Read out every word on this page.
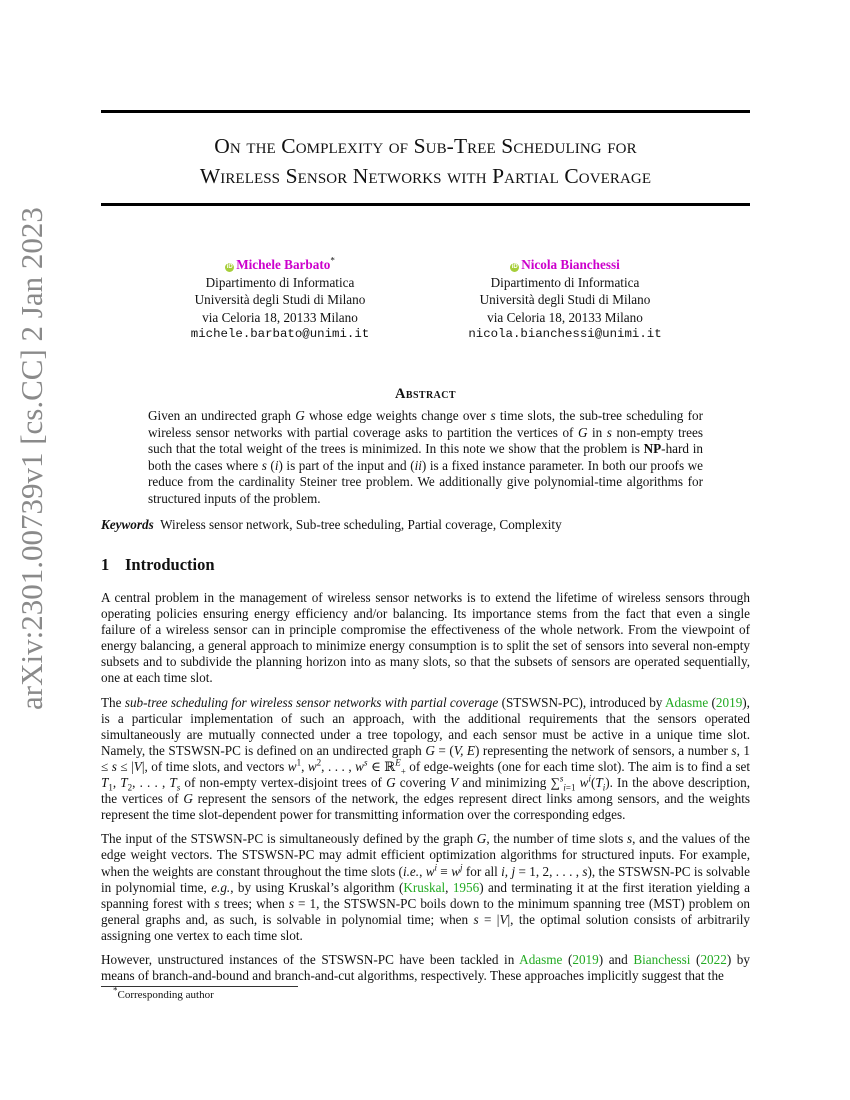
arXiv:2301.00739v1 [cs.CC] 2 Jan 2023
On the Complexity of Sub-Tree Scheduling for
Wireless Sensor Networks with Partial Coverage
iD Michele Barbato*
Dipartimento di Informatica
Università degli Studi di Milano
via Celoria 18, 20133 Milano
michele.barbato@unimi.it
iD Nicola Bianchessi
Dipartimento di Informatica
Università degli Studi di Milano
via Celoria 18, 20133 Milano
nicola.bianchessi@unimi.it
Abstract
Given an undirected graph G whose edge weights change over s time slots, the sub-tree scheduling for wireless sensor networks with partial coverage asks to partition the vertices of G in s non-empty trees such that the total weight of the trees is minimized. In this note we show that the problem is NP-hard in both the cases where s (i) is part of the input and (ii) is a fixed instance parameter. In both our proofs we reduce from the cardinality Steiner tree problem. We additionally give polynomial-time algorithms for structured inputs of the problem.
Keywords Wireless sensor network, Sub-tree scheduling, Partial coverage, Complexity
1 Introduction

A central problem in the management of wireless sensor networks is to extend the lifetime of wireless sensors through operating policies ensuring energy efficiency and/or balancing. Its importance stems from the fact that even a single failure of a wireless sensor can in principle compromise the effectiveness of the whole network. From the viewpoint of energy balancing, a general approach to minimize energy consumption is to split the set of sensors into several non-empty subsets and to subdivide the planning horizon into as many slots, so that the subsets of sensors are operated sequentially, one at each time slot.

The sub-tree scheduling for wireless sensor networks with partial coverage (STSWSN-PC), introduced by Adasme (2019), is a particular implementation of such an approach, with the additional requirements that the sensors operated simultaneously are mutually connected under a tree topology, and each sensor must be active in a unique time slot. Namely, the STSWSN-PC is defined on an undirected graph G = (V, E) representing the network of sensors, a number s, 1 ≤ s ≤ |V|, of time slots, and vectors $w^1$, $w^2$, . . . , $w^s$ ∈ ℝ$^E_+$ of edge-weights (one for each time slot). The aim is to find a set $T_1$, $T_2$, . . . , $T_s$ of non-empty vertex-disjoint trees of G covering V and minimizing ∑$^s_{i=1}$ $w^i(T_i)$. In the above description, the vertices of G represent the sensors of the network, the edges represent direct links among sensors, and the weights represent the time slot-dependent power for transmitting information over the corresponding edges.

The input of the STSWSN-PC is simultaneously defined by the graph G, the number of time slots s, and the values of the edge weight vectors. The STSWSN-PC may admit efficient optimization algorithms for structured inputs. For example, when the weights are constant throughout the time slots (i.e., $w^i \equiv w^j$ for all i, j = 1, 2, . . . , s), the STSWSN-PC is solvable in polynomial time, e.g., by using Kruskal’s algorithm (Kruskal, 1956) and terminating it at the first iteration yielding a spanning forest with s trees; when s = 1, the STSWSN-PC boils down to the minimum spanning tree (MST) problem on general graphs and, as such, is solvable in polynomial time; when s = |V|, the optimal solution consists of arbitrarily assigning one vertex to each time slot.

However, unstructured instances of the STSWSN-PC have been tackled in Adasme (2019) and Bianchessi (2022) by means of branch-and-bound and branch-and-cut algorithms, respectively. These approaches implicitly suggest that the

*Corresponding author
